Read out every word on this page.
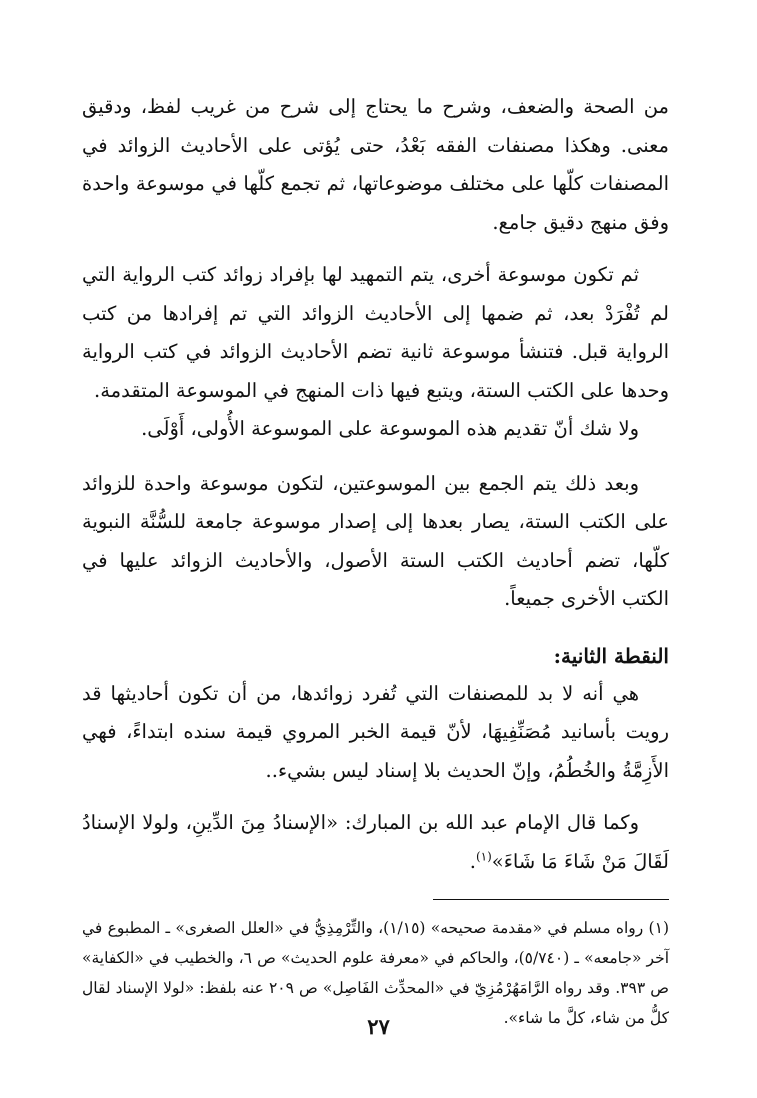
من الصحة والضعف، وشرح ما يحتاج إلى شرح من غريب لفظ، ودقيق معنى. وهكذا مصنفات الفقه بَعْدُ، حتى يُؤتى على الأحاديث الزوائد في المصنفات كلّها على مختلف موضوعاتها، ثم تجمع كلّها في موسوعة واحدة وفق منهج دقيق جامع.

ثم تكون موسوعة أخرى، يتم التمهيد لها بإفراد زوائد كتب الرواية التي لم تُفْرَدْ بعد، ثم ضمها إلى الأحاديث الزوائد التي تم إفرادها من كتب الرواية قبل. فتنشأ موسوعة ثانية تضم الأحاديث الزوائد في كتب الرواية وحدها على الكتب الستة، ويتبع فيها ذات المنهج في الموسوعة المتقدمة.

ولا شك أنّ تقديم هذه الموسوعة على الموسوعة الأُولى، أَوْلَى.

وبعد ذلك يتم الجمع بين الموسوعتين، لتكون موسوعة واحدة للزوائد على الكتب الستة، يصار بعدها إلى إصدار موسوعة جامعة للسُّنَّة النبوية كلّها، تضم أحاديث الكتب الستة الأصول، والأحاديث الزوائد عليها في الكتب الأخرى جميعاً.

النقطة الثانية:

هي أنه لا بد للمصنفات التي تُفرد زوائدها، من أن تكون أحاديثها قد رويت بأسانيد مُصَنِّفِيهَا، لأنّ قيمة الخبر المروي قيمة سنده ابتداءً، فهي الأَزِمَّةُ والخُطُمُ، وإنّ الحديث بلا إسناد ليس بشيء..

وكما قال الإمام عبد الله بن المبارك: «الإسنادُ مِنَ الدِّينِ، ولولا الإسنادُ لَقَالَ مَنْ شَاءَ مَا شَاءَ»$^{(١)}$.

(١) رواه مسلم في «مقدمة صحيحه» (١/١٥)، والتِّرْمِذِيُّ في «العلل الصغرى» ـ المطبوع في آخر «جامعه» ـ (٥/٧٤٠)، والحاكم في «معرفة علوم الحديث» ص ٦، والخطيب في «الكفاية» ص ٣٩٣. وقد رواه الرَّامَهُرْمُزِيّ في «المحدِّث الفَاصِل» ص ٢٠٩ عنه بلفظ: «لولا الإسناد لقال كلُّ من شاء، كلَّ ما شاء».
٢٧
